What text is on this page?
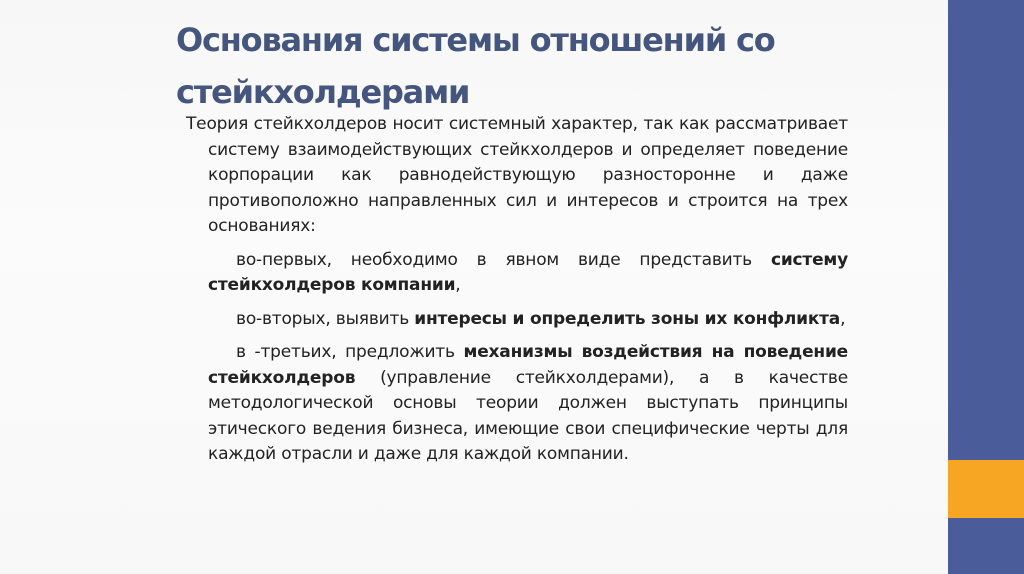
Основания системы отношений со стейкхолдерами

Теория стейкхолдеров носит системный характер, так как рассматривает систему взаимодействующих стейкхолдеров и определяет поведение корпорации как равнодействующую разносторонне и даже противоположно направленных сил и интересов и строится на трех основаниях:

во-первых, необходимо в явном виде представить систему стейкхолдеров компании,

во-вторых, выявить интересы и определить зоны их конфликта,

в -третьих, предложить механизмы воздействия на поведение стейкхолдеров (управление стейкхолдерами), а в качестве методологической основы теории должен выступать принципы этического ведения бизнеса, имеющие свои специфические черты для каждой отрасли и даже для каждой компании.
